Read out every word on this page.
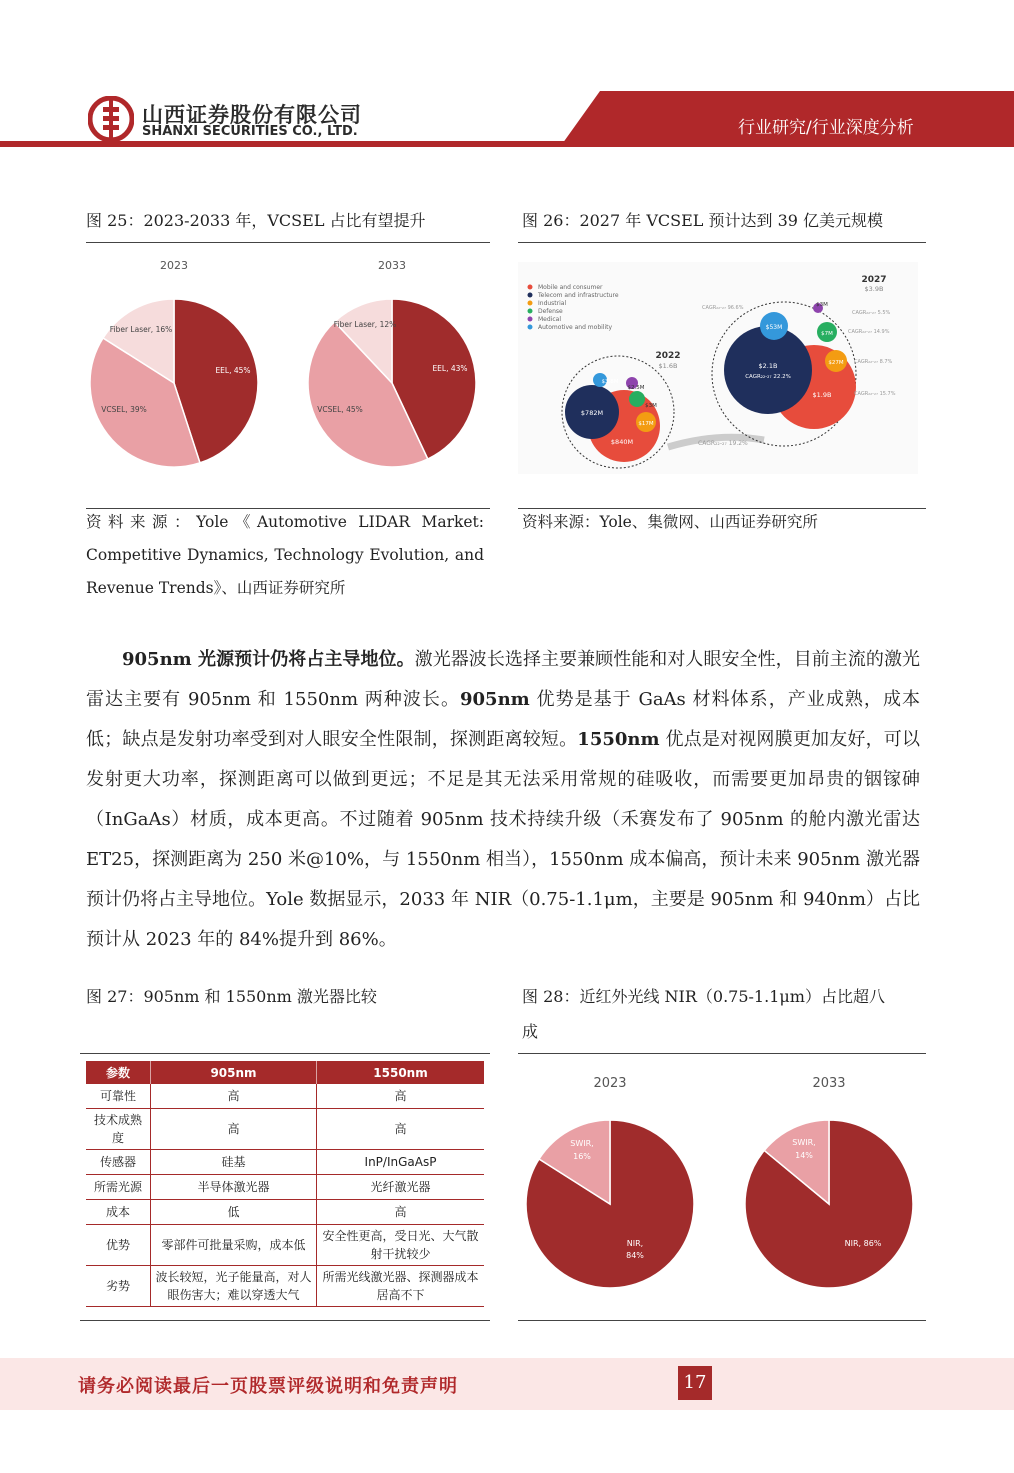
山西证券股份有限公司
SHANXI SECURITIES CO., LTD.	行业研究/行业深度分析
图 25：2023-2033 年，VCSEL 占比有望提升
2023	2033
EEL, 45%
VCSEL, 39%
Fiber Laser, 16%
EEL, 43%
VCSEL, 45%
Fiber Laser, 12%
资料来源：Yole《Automotive LIDAR Market: Competitive Dynamics, Technology Evolution, and Revenue Trends》、山西证券研究所
图 26：2027 年 VCSEL 预计达到 39 亿美元规模
Mobile and consumer
Telecom and infrastructure
Industrial
Defense
Medical
Automotive and mobility
2022
$1.6B
$782M
$840M
$3.8M
$2.5M
$3M
$17M
CAGR₂₂-₂₇ 19.2%
2027
$3.9B
$2.1B
CAGR₂₂-₂₇ 22.2%
$1.9B
$53M
$7M
$27M
$3M
CAGR₂₂-₂₇ 5.5%
CAGR₂₂-₂₇ 14.9%
CAGR₂₂-₂₇ 8.7%
CAGR₂₂-₂₇ 15.7%
CAGR₂₂-₂₇ 96.6%
资料来源：Yole、集微网、山西证券研究所
905nm 光源预计仍将占主导地位。激光器波长选择主要兼顾性能和对人眼安全性，目前主流的激光雷达主要有 905nm 和 1550nm 两种波长。905nm 优势是基于 GaAs 材料体系，产业成熟，成本低；缺点是发射功率受到对人眼安全性限制，探测距离较短。1550nm 优点是对视网膜更加友好，可以发射更大功率，探测距离可以做到更远；不足是其无法采用常规的硅吸收，而需要更加昂贵的铟镓砷（InGaAs）材质，成本更高。不过随着 905nm 技术持续升级（禾赛发布了 905nm 的舱内激光雷达 ET25，探测距离为 250 米@10%，与 1550nm 相当），1550nm 成本偏高，预计未来 905nm 激光器预计仍将占主导地位。Yole 数据显示，2033 年 NIR（0.75-1.1μm，主要是 905nm 和 940nm）占比预计从 2023 年的 84%提升到 86%。
图 27：905nm 和 1550nm 激光器比较
参数	905nm	1550nm
可靠性	高	高
技术成熟度	高	高
传感器	硅基	InP/InGaAsP
所需光源	半导体激光器	光纤激光器
成本	低	高
优势	零部件可批量采购，成本低	安全性更高，受日光、大气散射干扰较少
劣势	波长较短，光子能量高，对人眼伤害大；难以穿透大气	所需光线激光器、探测器成本居高不下
图 28：近红外光线 NIR（0.75-1.1μm）占比超八
成
2023	2033
NIR,
84%
SWIR,
16%
NIR, 86%
SWIR,
14%
请务必阅读最后一页股票评级说明和免责声明	17
